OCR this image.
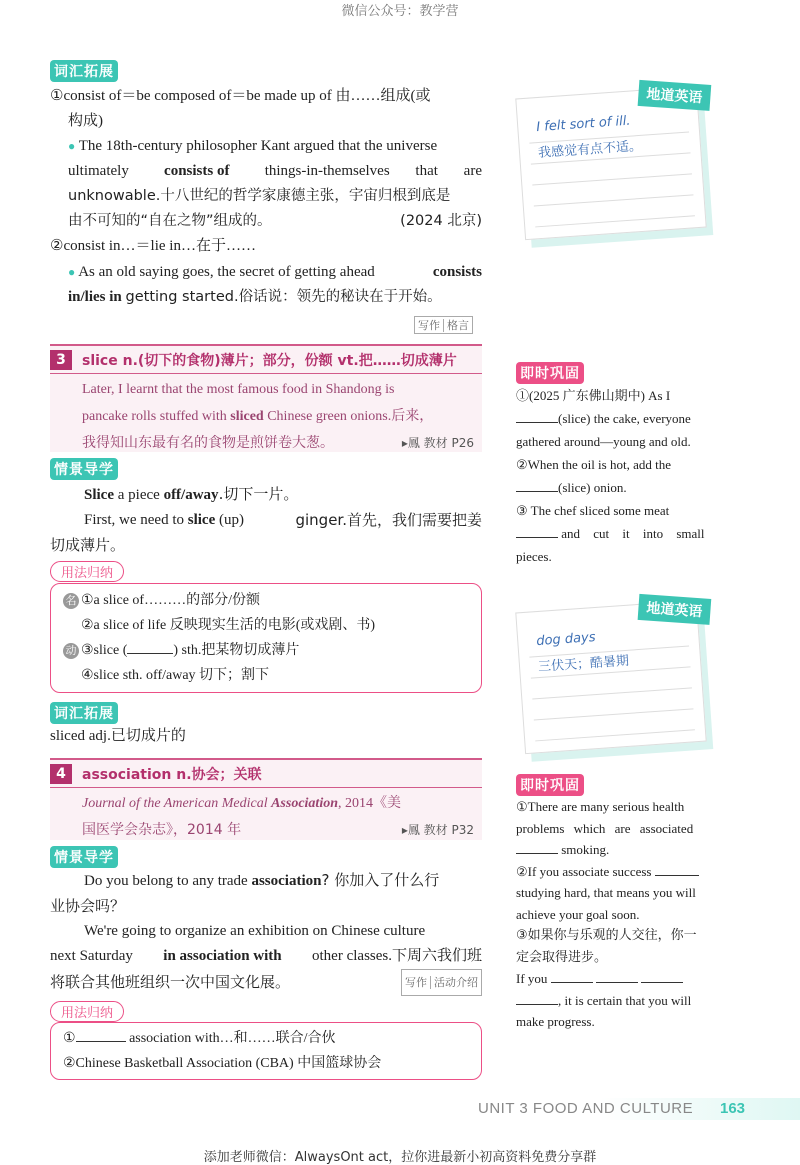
微信公众号：教学营
词汇拓展
①consist of＝be composed of＝be made up of 由……组成(或
构成)
● The 18th-century philosopher Kant argued that the universe
ultimately consists of things-in-themselves that are
unknowable.十八世纪的哲学家康德主张，宇宙归根到底是
由不可知的“自在之物”组成的。	(2024 北京)
②consist in…＝lie in…在于……
● As an old saying goes, the secret of getting ahead	consists
in/lies in getting started.俗话说：领先的秘诀在于开始。
写作 格言
3	slice n.(切下的食物)薄片；部分，份额 vt.把……切成薄片
Later, I learnt that the most famous food in Shandong is
pancake rolls stuffed with sliced Chinese green onions.后来，
我得知山东最有名的食物是煎饼卷大葱。	▸鳳 教材 P26
情景导学
Slice a piece off/away.切下一片。
First, we need to slice (up)	ginger.首先，我们需要把姜
切成薄片。
用法归纳
名 ①a slice of………的部分/份额
②a slice of life 反映现实生活的电影(或戏剧、书)
动 ③slice (	) sth.把某物切成薄片
④slice sth. off/away 切下；割下
词汇拓展
sliced adj.已切成片的
4	association n.协会；关联
Journal of the American Medical Association, 2014《美
国医学会杂志》，2014 年	▸鳳 教材 P32
情景导学
Do you belong to any trade association? 你加入了什么行
业协会吗？
We're going to organize an exhibition on Chinese culture
next Saturday in association with other classes.下周六我们班
将联合其他班组织一次中国文化展。	写作 活动介绍
用法归纳
①	association with…和……联合/合伙
②Chinese Basketball Association (CBA) 中国篮球协会
地道英语
I felt sort of ill.
我感觉有点不适。
即时巩固
①(2025 广东佛山期中) As I
(slice) the cake, everyone
gathered around—young and old.
②When the oil is hot, add the
(slice) onion.
③ The chef sliced some meat
and cut it into small
pieces.
地道英语
dog days
三伏天；酷暑期
即时巩固
①There are many serious health
problems which are associated
smoking.
②If you associate success
studying hard, that means you will
achieve your goal soon.
③如果你与乐观的人交往，你一
定会取得进步。
If you
, it is certain that you will
make progress.
UNIT 3 FOOD AND CULTURE 163
添加老师微信：AlwaysOnt act，拉你进最新小初高资料免费分享群
